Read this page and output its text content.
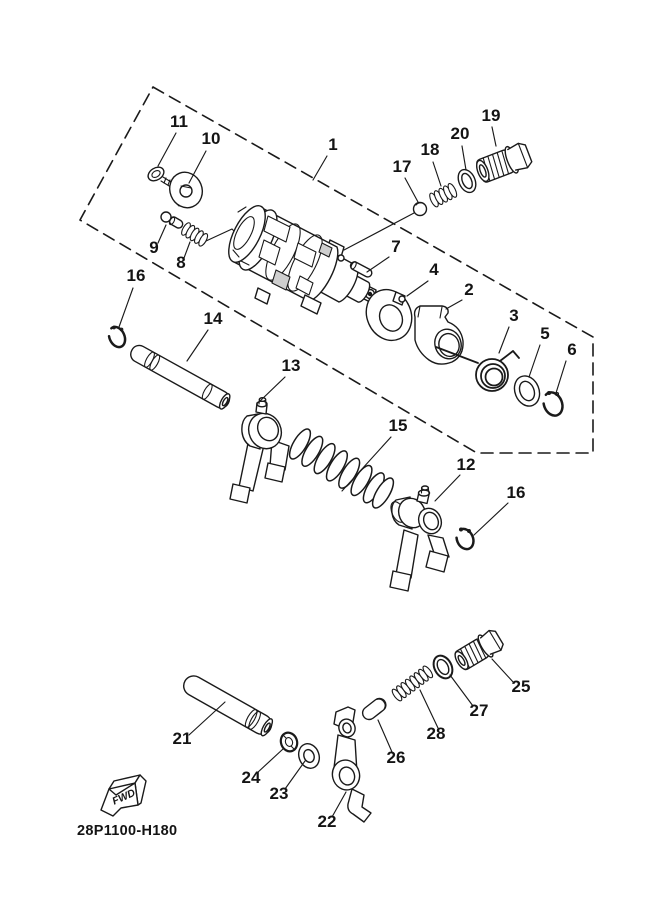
1
2
3
4
5
6
7
8
9
10
11
12
13
14
15
16
16
17
18
19
20
21
22
23
24
25
26
27
28
FWD
28P1100-H180
